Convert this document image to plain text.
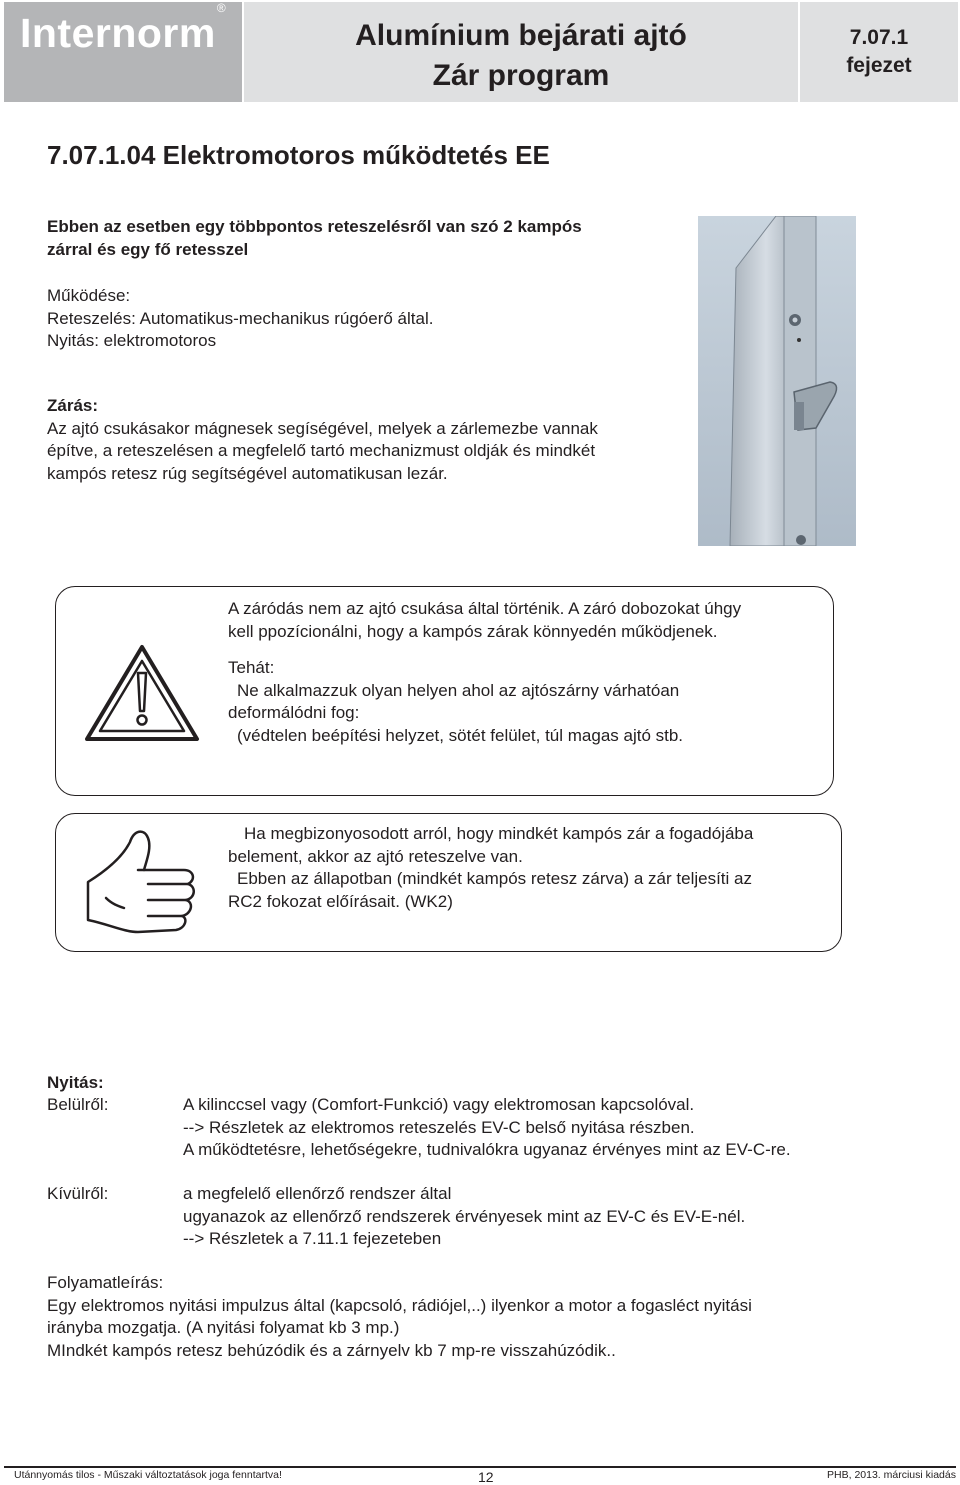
Internorm®
Alumínium bejárati ajtó
Zár program
7.07.1
fejezet
7.07.1.04 Elektromotoros működtetés EE
Ebben az esetben egy többpontos reteszelésről van szó 2 kampós
zárral és egy fő retesszel
Működése:
Reteszelés: Automatikus-mechanikus rúgóerő által.
Nyitás: elektromotoros
Zárás:
Az ajtó csukásakor mágnesek segíségével, melyek a zárlemezbe vannak
építve, a reteszelésen a megfelelő tartó mechanizmust oldják és mindkét
kampós retesz rúg segítségével automatikusan lezár.
A záródás nem az ajtó csukása által történik. A záró dobozokat úhgy
kell ppozícionálni, hogy a kampós zárak könnyedén működjenek.
Tehát:
Ne alkalmazzuk olyan helyen ahol az ajtószárny várhatóan
deformálódni fog:
(védtelen beépítési helyzet, sötét felület, túl magas ajtó stb.
Ha megbizonyosodott arról, hogy mindkét kampós zár a fogadójába
belement, akkor az ajtó reteszelve van.
Ebben az állapotban (mindkét kampós retesz zárva) a zár teljesíti az
RC2 fokozat előírásait. (WK2)
Nyitás:
Belülről:	A kilinccsel vagy (Comfort-Funkció) vagy elektromosan kapcsolóval.
--> Részletek az elektromos reteszelés EV-C belső nyitása részben.
A működtetésre, lehetőségekre, tudnivalókra ugyanaz érvényes mint az EV-C-re.
Kívülről:	a megfelelő ellenőrző rendszer által
ugyanazok az ellenőrző rendszerek érvényesek mint az EV-C és EV-E-nél.
--> Részletek a 7.11.1 fejezeteben
Folyamatleírás:
Egy elektromos nyitási impulzus által (kapcsoló, rádiójel,..) ilyenkor a motor a fogasléct nyitási
irányba mozgatja. (A nyitási folyamat kb 3 mp.)
MIndkét kampós retesz behúzódik és a zárnyelv kb 7 mp-re visszahúzódik..
Utánnyomás tilos - Műszaki változtatások joga fenntartva!	12	PHB, 2013. márciusi kiadás
